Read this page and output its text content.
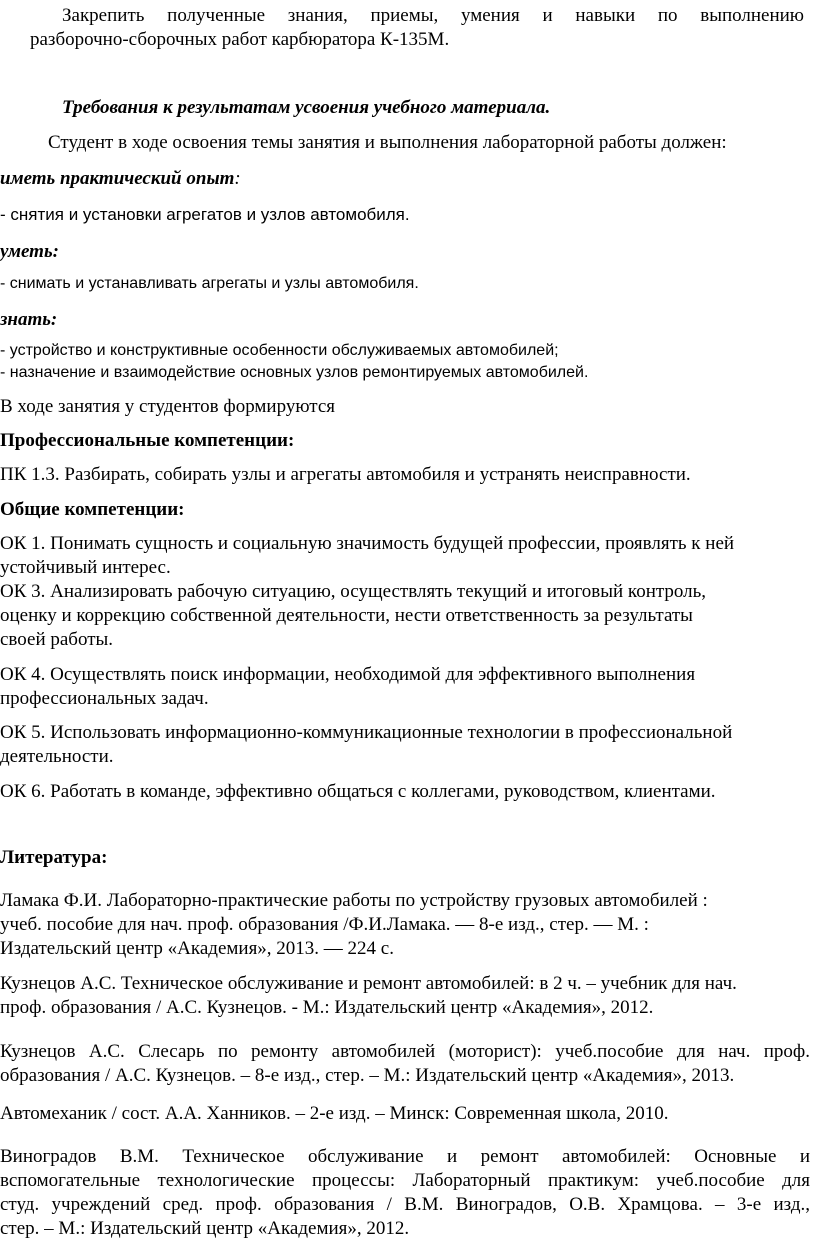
Закрепить полученные знания, приемы, умения и навыки по выполнению
разборочно-сборочных работ карбюратора К-135М.
Требования к результатам усвоения учебного материала.
Студент в ходе освоения темы занятия и выполнения лабораторной работы должен:
иметь практический опыт:
- снятия и установки агрегатов и узлов автомобиля.
уметь:
- снимать и устанавливать агрегаты и узлы автомобиля.
знать:
- устройство и конструктивные особенности обслуживаемых автомобилей;
- назначение и взаимодействие основных узлов ремонтируемых автомобилей.
В ходе занятия у студентов формируются
Профессиональные компетенции:
ПК 1.3. Разбирать, собирать узлы и агрегаты автомобиля и устранять неисправности.
Общие компетенции:
ОК 1. Понимать сущность и социальную значимость будущей профессии, проявлять к ней
устойчивый интерес.
ОК 3. Анализировать рабочую ситуацию, осуществлять текущий и итоговый контроль,
оценку и коррекцию собственной деятельности, нести ответственность за результаты
своей работы.
ОК 4. Осуществлять поиск информации, необходимой для эффективного выполнения
профессиональных задач.
ОК 5. Использовать информационно-коммуникационные технологии в профессиональной
деятельности.
ОК 6. Работать в команде, эффективно общаться с коллегами, руководством, клиентами.
Литература:
Ламака Ф.И. Лабораторно-практические работы по устройству грузовых автомобилей :
учеб. пособие для нач. проф. образования /Ф.И.Ламака. — 8-е изд., стер. — М. :
Издательский центр «Академия», 2013. — 224 с.
Кузнецов А.С. Техническое обслуживание и ремонт автомобилей: в 2 ч. – учебник для нач.
проф. образования / А.С. Кузнецов. - М.: Издательский центр «Академия», 2012.
Кузнецов А.С. Слесарь по ремонту автомобилей (моторист): учеб.пособие для нач. проф.
образования / А.С. Кузнецов. – 8-е изд., стер. – М.: Издательский центр «Академия», 2013.
Автомеханик / сост. А.А. Ханников. – 2-е изд. – Минск: Современная школа, 2010.
Виноградов В.М. Техническое обслуживание и ремонт автомобилей: Основные и
вспомогательные технологические процессы: Лабораторный практикум: учеб.пособие для
студ. учреждений сред. проф. образования / В.М. Виноградов, О.В. Храмцова. – 3-е изд.,
стер. – М.: Издательский центр «Академия», 2012.
